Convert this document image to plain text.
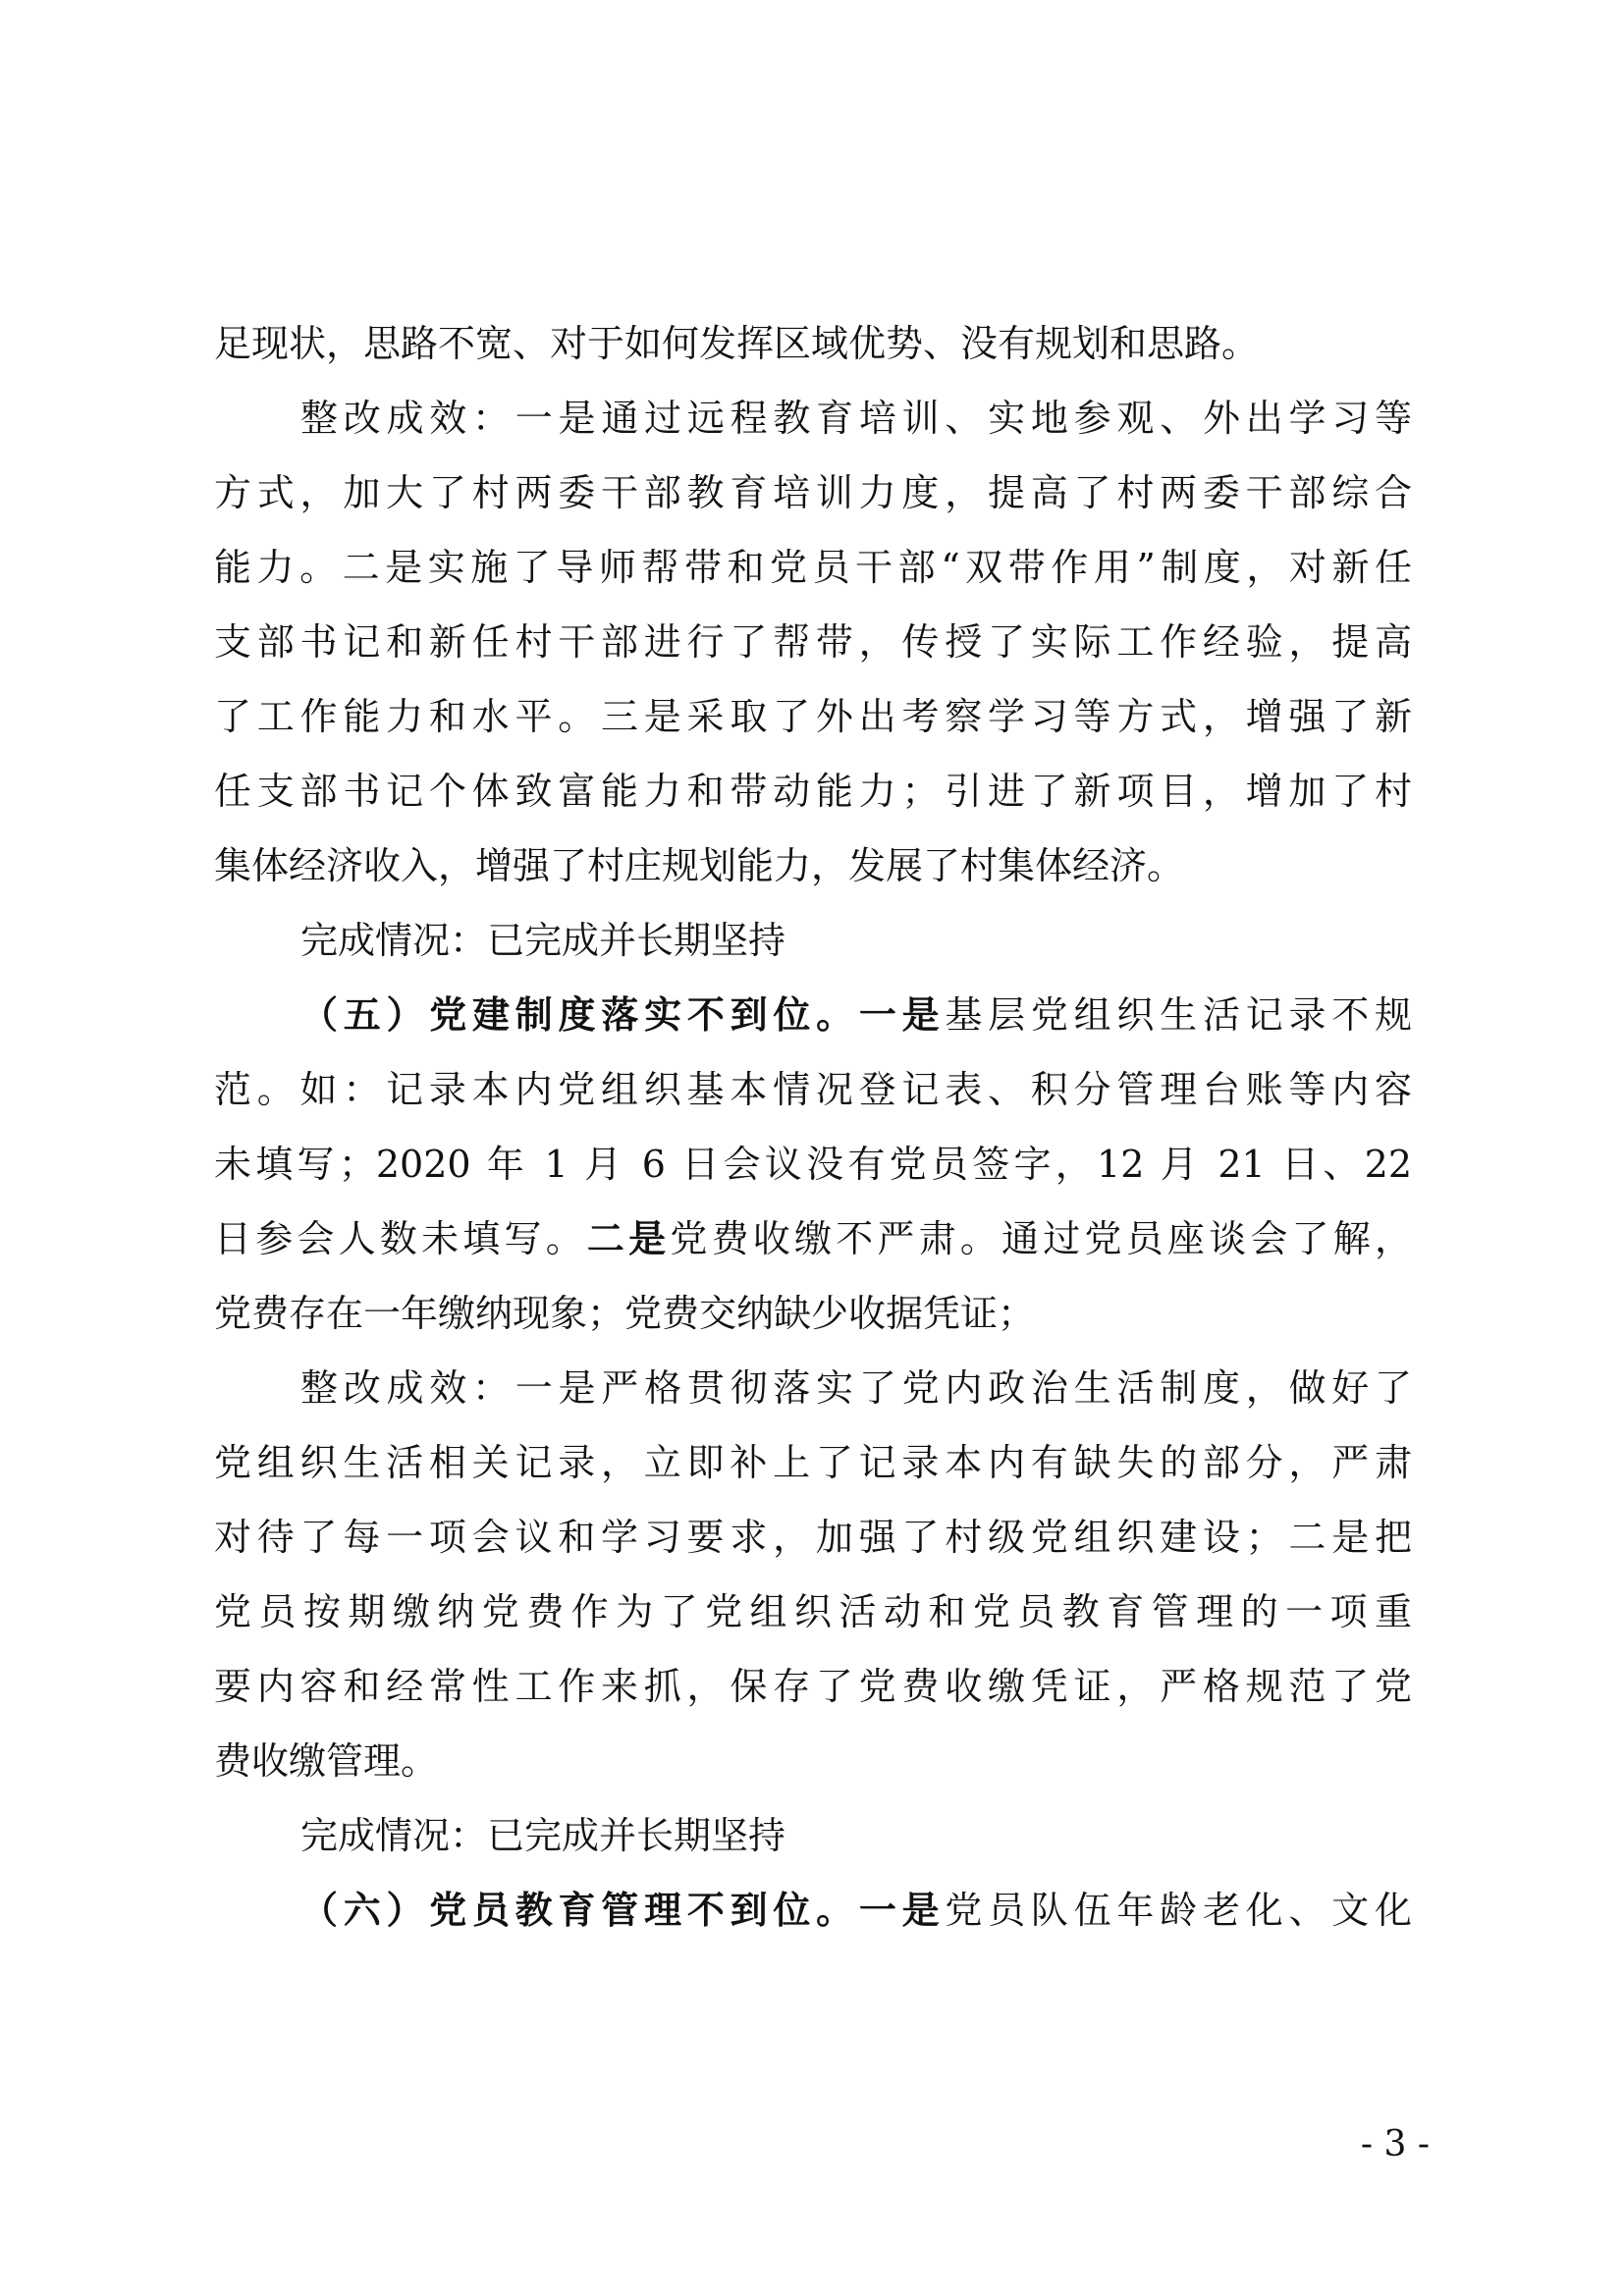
足现状，思路不宽、对于如何发挥区域优势、没有规划和思路。
整改成效：一是通过远程教育培训、实地参观、外出学习等
方式，加大了村两委干部教育培训力度，提高了村两委干部综合
能力。二是实施了导师帮带和党员干部“双带作用”制度，对新任
支部书记和新任村干部进行了帮带，传授了实际工作经验，提高
了工作能力和水平。三是采取了外出考察学习等方式，增强了新
任支部书记个体致富能力和带动能力；引进了新项目，增加了村
集体经济收入，增强了村庄规划能力，发展了村集体经济。
完成情况：已完成并长期坚持
（五）党建制度落实不到位。一是基层党组织生活记录不规
范。如：记录本内党组织基本情况登记表、积分管理台账等内容
未填写；2020 年 1 月 6 日会议没有党员签字，12 月 21 日、22
日参会人数未填写。二是党费收缴不严肃。通过党员座谈会了解，
党费存在一年缴纳现象；党费交纳缺少收据凭证；
整改成效：一是严格贯彻落实了党内政治生活制度，做好了
党组织生活相关记录，立即补上了记录本内有缺失的部分，严肃
对待了每一项会议和学习要求，加强了村级党组织建设；二是把
党员按期缴纳党费作为了党组织活动和党员教育管理的一项重
要内容和经常性工作来抓，保存了党费收缴凭证，严格规范了党
费收缴管理。
完成情况：已完成并长期坚持
（六）党员教育管理不到位。一是党员队伍年龄老化、文化
- 3 -
